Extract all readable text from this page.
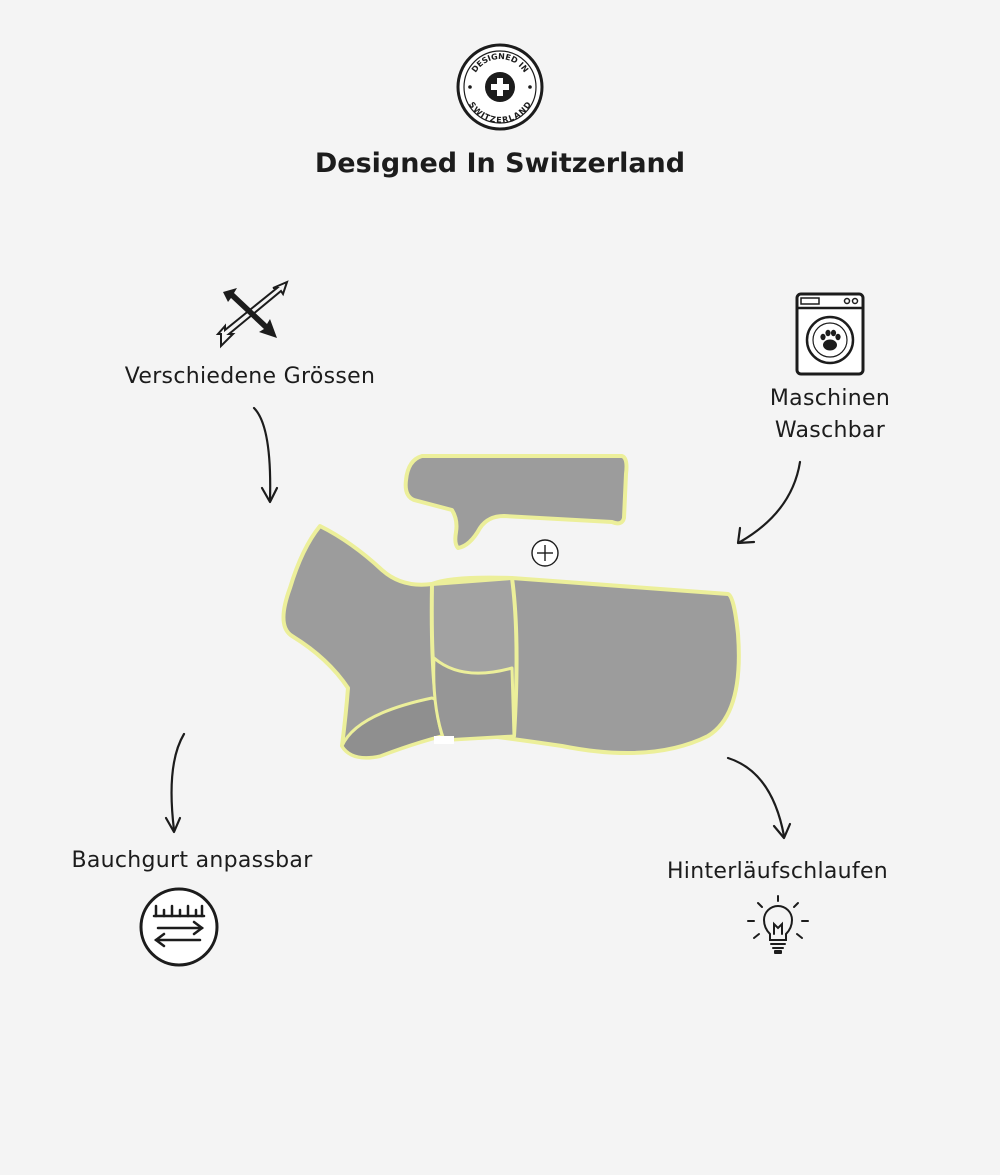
DESIGNED IN
SWITZERLAND
Designed In Switzerland
Verschiedene Grössen
Maschinen
Waschbar
Bauchgurt anpassbar	Hinterläufschlaufen
